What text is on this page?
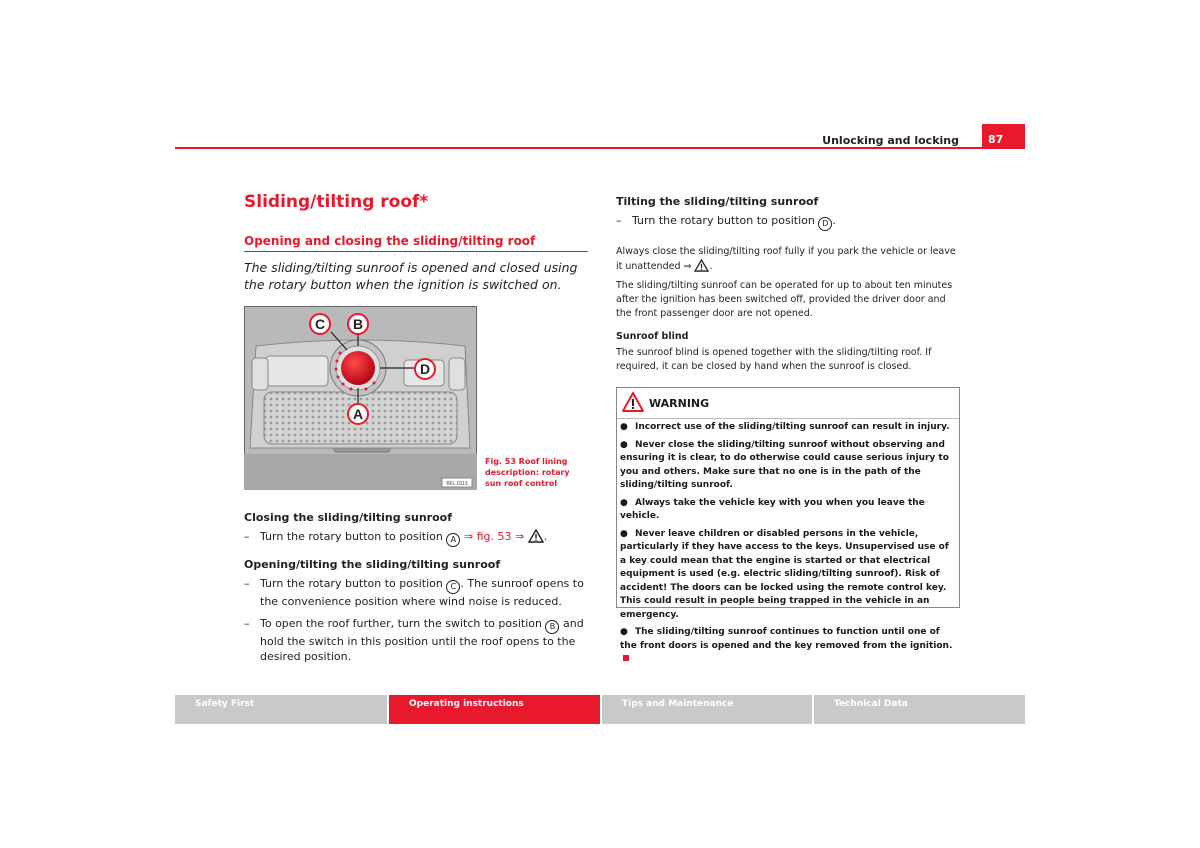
Unlocking and locking	87
Sliding/tilting roof*
Opening and closing the sliding/tilting roof
The sliding/tilting sunroof is opened and closed using the rotary button when the ignition is switched on.
C B
D
A
B6L-0113
Fig. 53 Roof lining description: rotary sun roof control
Closing the sliding/tilting sunroof
– Turn the rotary button to position A ⇒ fig. 53 ⇒ .
Opening/tilting the sliding/tilting sunroof
– Turn the rotary button to position C . The sunroof opens to the convenience position where wind noise is reduced.
– To open the roof further, turn the switch to position B and hold the switch in this position until the roof opens to the desired position.
Tilting the sliding/tilting sunroof
– Turn the rotary button to position D .
Always close the sliding/tilting roof fully if you park the vehicle or leave it unattended ⇒ .
The sliding/tilting sunroof can be operated for up to about ten minutes after the ignition has been switched off, provided the driver door and the front passenger door are not opened.
Sunroof blind
The sunroof blind is opened together with the sliding/tilting roof. If required, it can be closed by hand when the sunroof is closed.
WARNING
● Incorrect use of the sliding/tilting sunroof can result in injury.
● Never close the sliding/tilting sunroof without observing and ensuring it is clear, to do otherwise could cause serious injury to you and others. Make sure that no one is in the path of the sliding/tilting sunroof.
● Always take the vehicle key with you when you leave the vehicle.
● Never leave children or disabled persons in the vehicle, particularly if they have access to the keys. Unsupervised use of a key could mean that the engine is started or that electrical equipment is used (e.g. electric sliding/tilting sunroof). Risk of accident! The doors can be locked using the remote control key. This could result in people being trapped in the vehicle in an emergency.
● The sliding/tilting sunroof continues to function until one of the front doors is opened and the key removed from the ignition.
Safety First	Operating instructions	Tips and Maintenance	Technical Data
